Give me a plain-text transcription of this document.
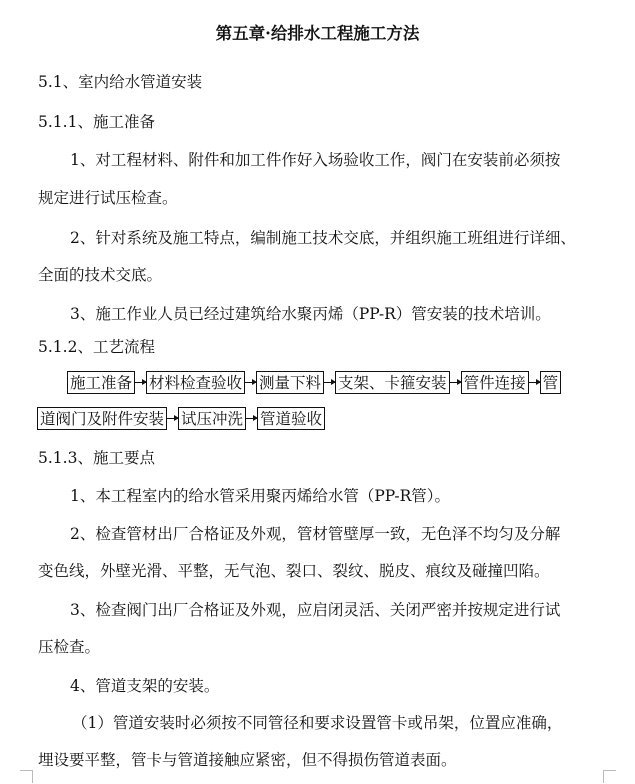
第五章·给排水工程施工方法
5.1、室内给水管道安装
5.1.1、施工准备
1、对工程材料、附件和加工件作好入场验收工作，阀门在安装前必须按
规定进行试压检查。
2、针对系统及施工特点，编制施工技术交底，并组织施工班组进行详细、
全面的技术交底。
3、施工作业人员已经过建筑给水聚丙烯（PP-R）管安装的技术培训。
5.1.2、工艺流程
施工准备 材料检查验收 测量下料 支架、卡箍安装 管件连接 管
道阀门及附件安装 试压冲洗 管道验收
5.1.3、施工要点
1、本工程室内的给水管采用聚丙烯给水管（PP-R管）。
2、检查管材出厂合格证及外观，管材管壁厚一致，无色泽不均匀及分解
变色线，外壁光滑、平整，无气泡、裂口、裂纹、脱皮、痕纹及碰撞凹陷。
3、检查阀门出厂合格证及外观，应启闭灵活、关闭严密并按规定进行试
压检查。
4、管道支架的安装。
（1）管道安装时必须按不同管径和要求设置管卡或吊架，位置应准确，
埋设要平整，管卡与管道接触应紧密，但不得损伤管道表面。
